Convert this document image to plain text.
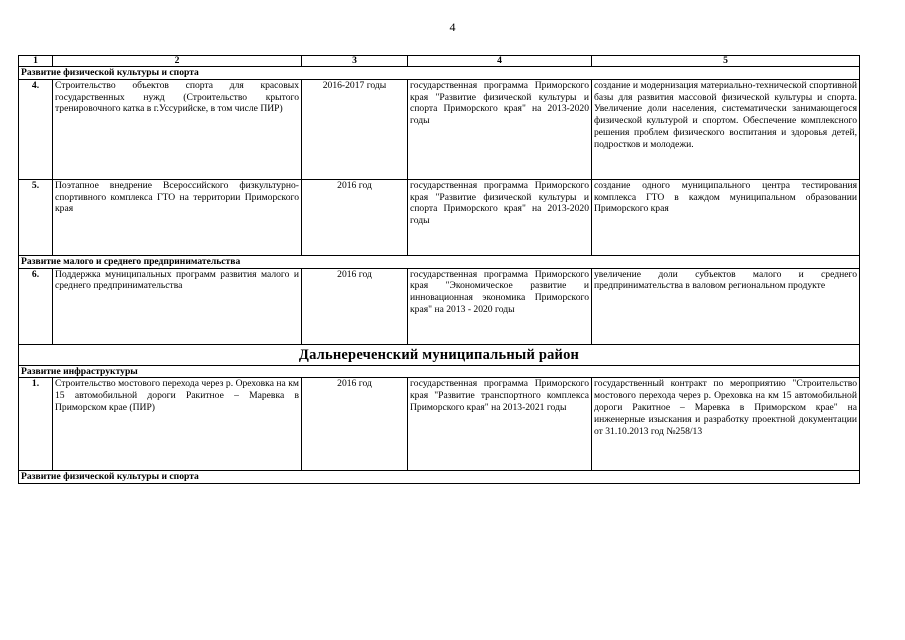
4
1	2	3	4	5
Развитие физической культуры и спорта				
4.	Строительство объектов спорта для красовых государственных нужд (Строительство крытого тренировочного катка в г.Уссурийске, в том числе ПИР)	2016-2017 годы	государственная программа Приморского края "Развитие физической культуры и спорта Приморского края" на 2013-2020 годы	создание и модернизация материально-технической спортивной базы для развития массовой физической культуры и спорта. Увеличение доли населения, систематически занимающегося физической культурой и спортом. Обеспечение комплексного решения проблем физического воспитания и здоровья детей, подростков и молодежи.
5.	Поэтапное внедрение Всероссийского физкультурно-спортивного комплекса ГТО на территории Приморского края	2016 год	государственная программа Приморского края "Развитие физической культуры и спорта Приморского края" на 2013-2020 годы	создание одного муниципального центра тестирования комплекса ГТО в каждом муниципальном образовании Приморского края
Развитие малого и среднего предпринимательства				
6.	Поддержка муниципальных программ развития малого и среднего предпринимательства	2016 год	государственная программа Приморского края "Экономическое развитие и инновационная экономика Приморского края" на 2013 - 2020 годы	увеличение доли субъектов малого и среднего предпринимательства в валовом региональном продукте
Дальнереченский муниципальный район				
Развитие инфраструктуры				
1.	Строительство мостового перехода через р. Ореховка на км 15 автомобильной дороги Ракитное – Маревка в Приморском крае (ПИР)	2016 год	государственная программа Приморского края "Развитие транспортного комплекса Приморского края" на 2013-2021 годы	государственный контракт по мероприятию "Строительство мостового перехода через р. Ореховка на км 15 автомобильной дороги Ракитное – Маревка в Приморском крае" на инженерные изыскания и разработку проектной документации от 31.10.2013 год №258/13
Развитие физической культуры и спорта				
